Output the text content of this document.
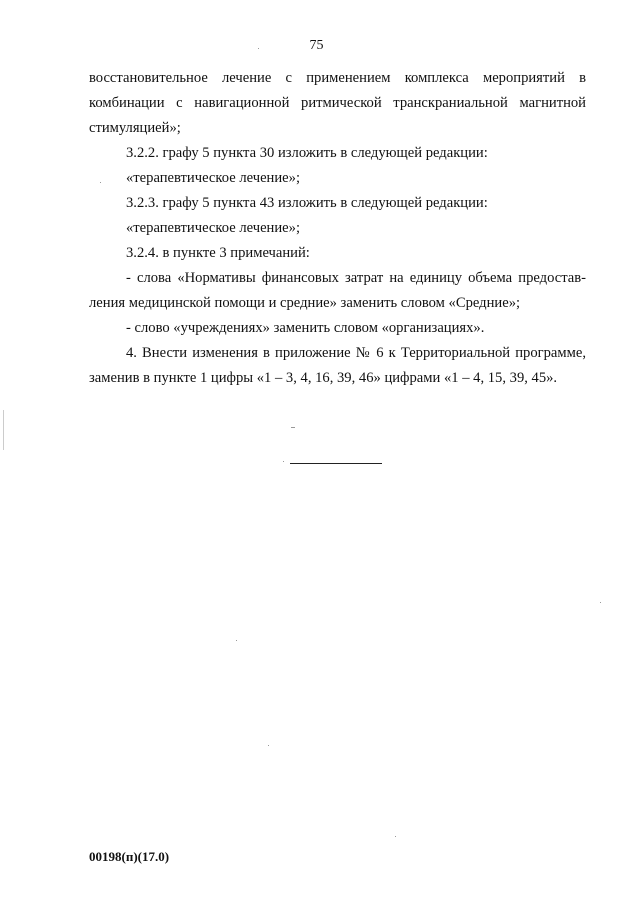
75

восстановительное лечение с применением комплекса мероприятий в

комбинации с навигационной ритмической транскраниальной магнитной

стимуляцией»;

3.2.2. графу 5 пункта 30 изложить в следующей редакции:

«терапевтическое лечение»;

3.2.3. графу 5 пункта 43 изложить в следующей редакции:

«терапевтическое лечение»;

3.2.4. в пункте 3 примечаний:

- слова «Нормативы финансовых затрат на единицу объема предостав-

ления медицинской помощи и средние» заменить словом «Средние»;

- слово «учреждениях» заменить словом «организациях».

4. Внести изменения в приложение № 6 к Территориальной программе,

заменив в пункте 1 цифры «1 – 3, 4, 16, 39, 46» цифрами «1 – 4, 15, 39, 45».

00198(п)(17.0)
